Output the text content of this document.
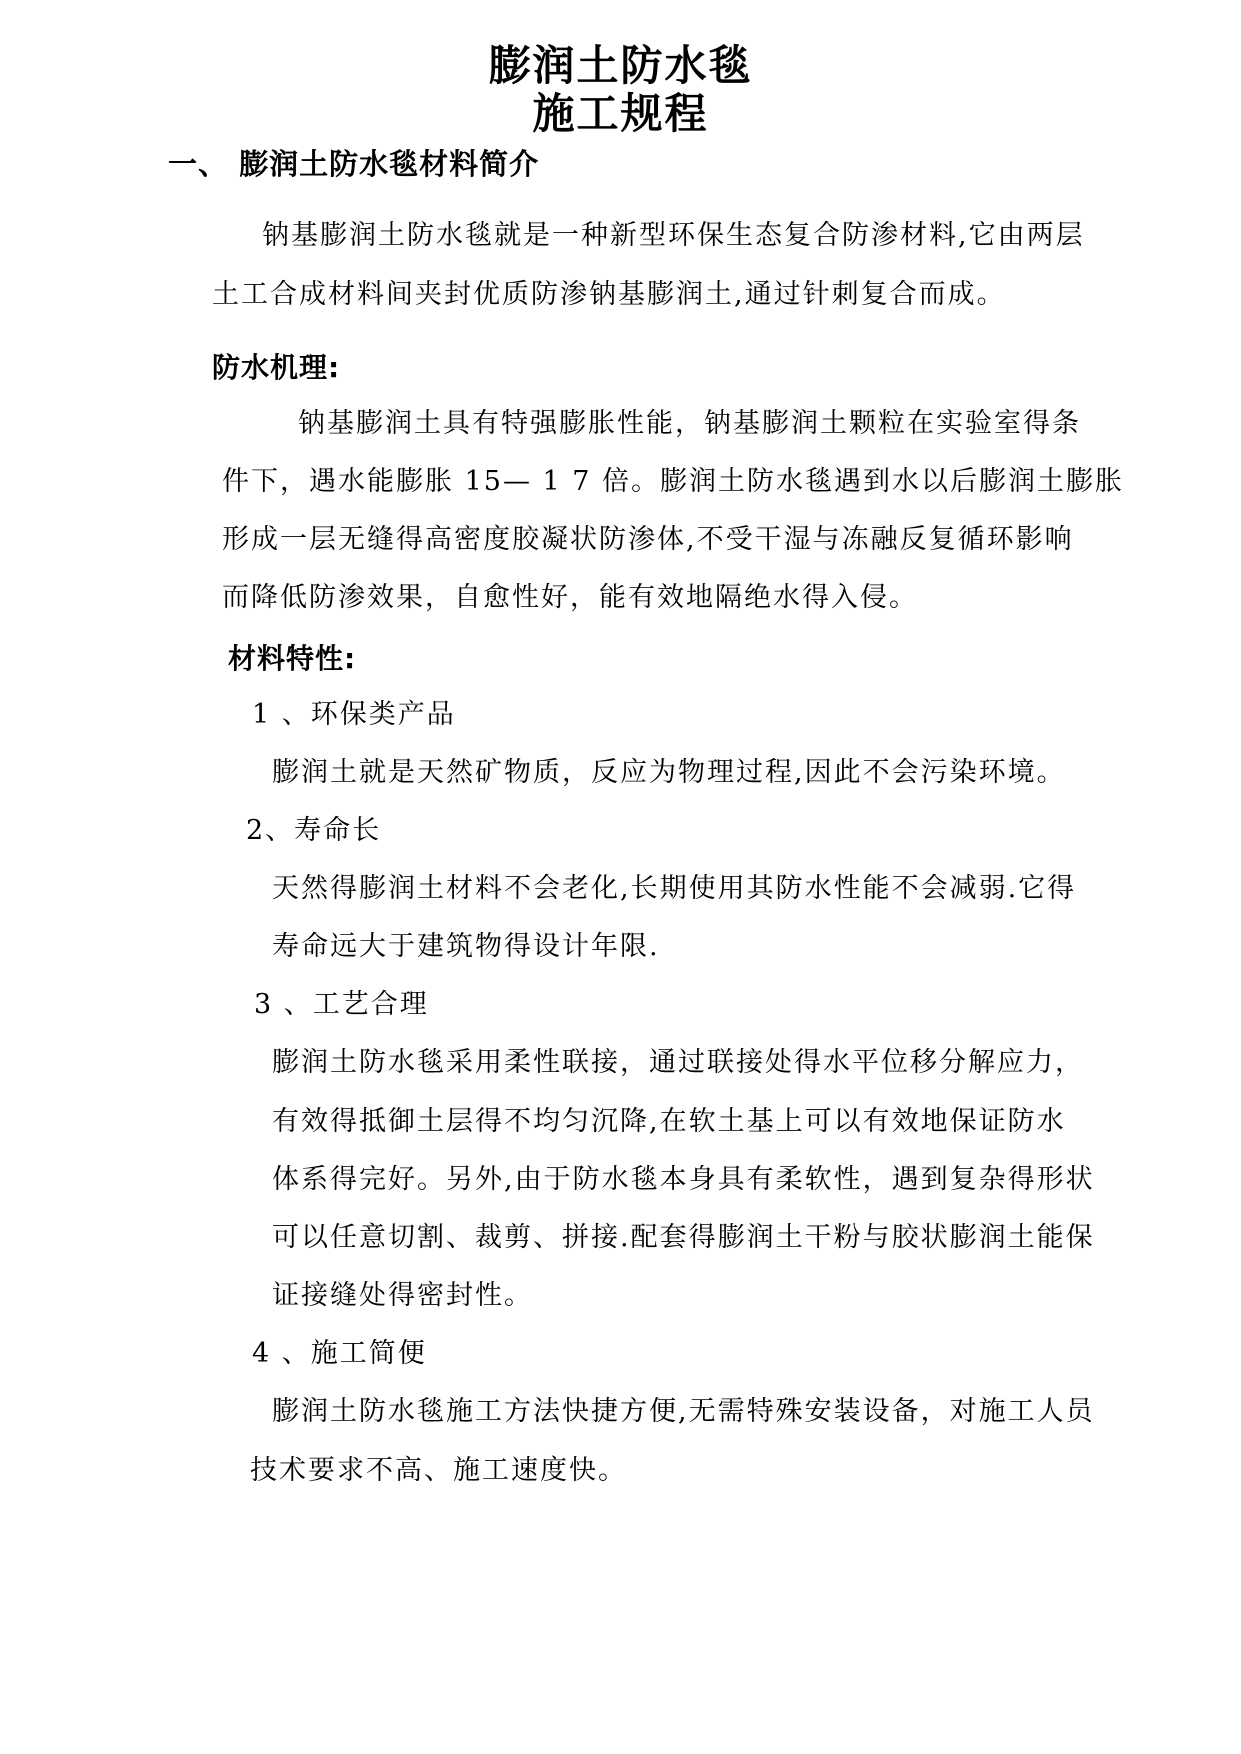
膨润土防水毯
施工规程
一、 膨润土防水毯材料简介
钠基膨润土防水毯就是一种新型环保生态复合防渗材料,它由两层
土工合成材料间夹封优质防渗钠基膨润土,通过针刺复合而成。
防水机理:
钠基膨润土具有特强膨胀性能，钠基膨润土颗粒在实验室得条
件下，遇水能膨胀 15— 1 7 倍。膨润土防水毯遇到水以后膨润土膨胀
形成一层无缝得高密度胶凝状防渗体,不受干湿与冻融反复循环影响
而降低防渗效果，自愈性好，能有效地隔绝水得入侵。
材料特性:
1 、环保类产品
膨润土就是天然矿物质，反应为物理过程,因此不会污染环境。
2、寿命长
天然得膨润土材料不会老化,长期使用其防水性能不会减弱.它得
寿命远大于建筑物得设计年限.
3 、工艺合理
膨润土防水毯采用柔性联接，通过联接处得水平位移分解应力，
有效得抵御土层得不均匀沉降,在软土基上可以有效地保证防水
体系得完好。另外,由于防水毯本身具有柔软性，遇到复杂得形状
可以任意切割、裁剪、拼接.配套得膨润土干粉与胶状膨润土能保
证接缝处得密封性。
4 、施工简便
膨润土防水毯施工方法快捷方便,无需特殊安装设备，对施工人员
技术要求不高、施工速度快。
